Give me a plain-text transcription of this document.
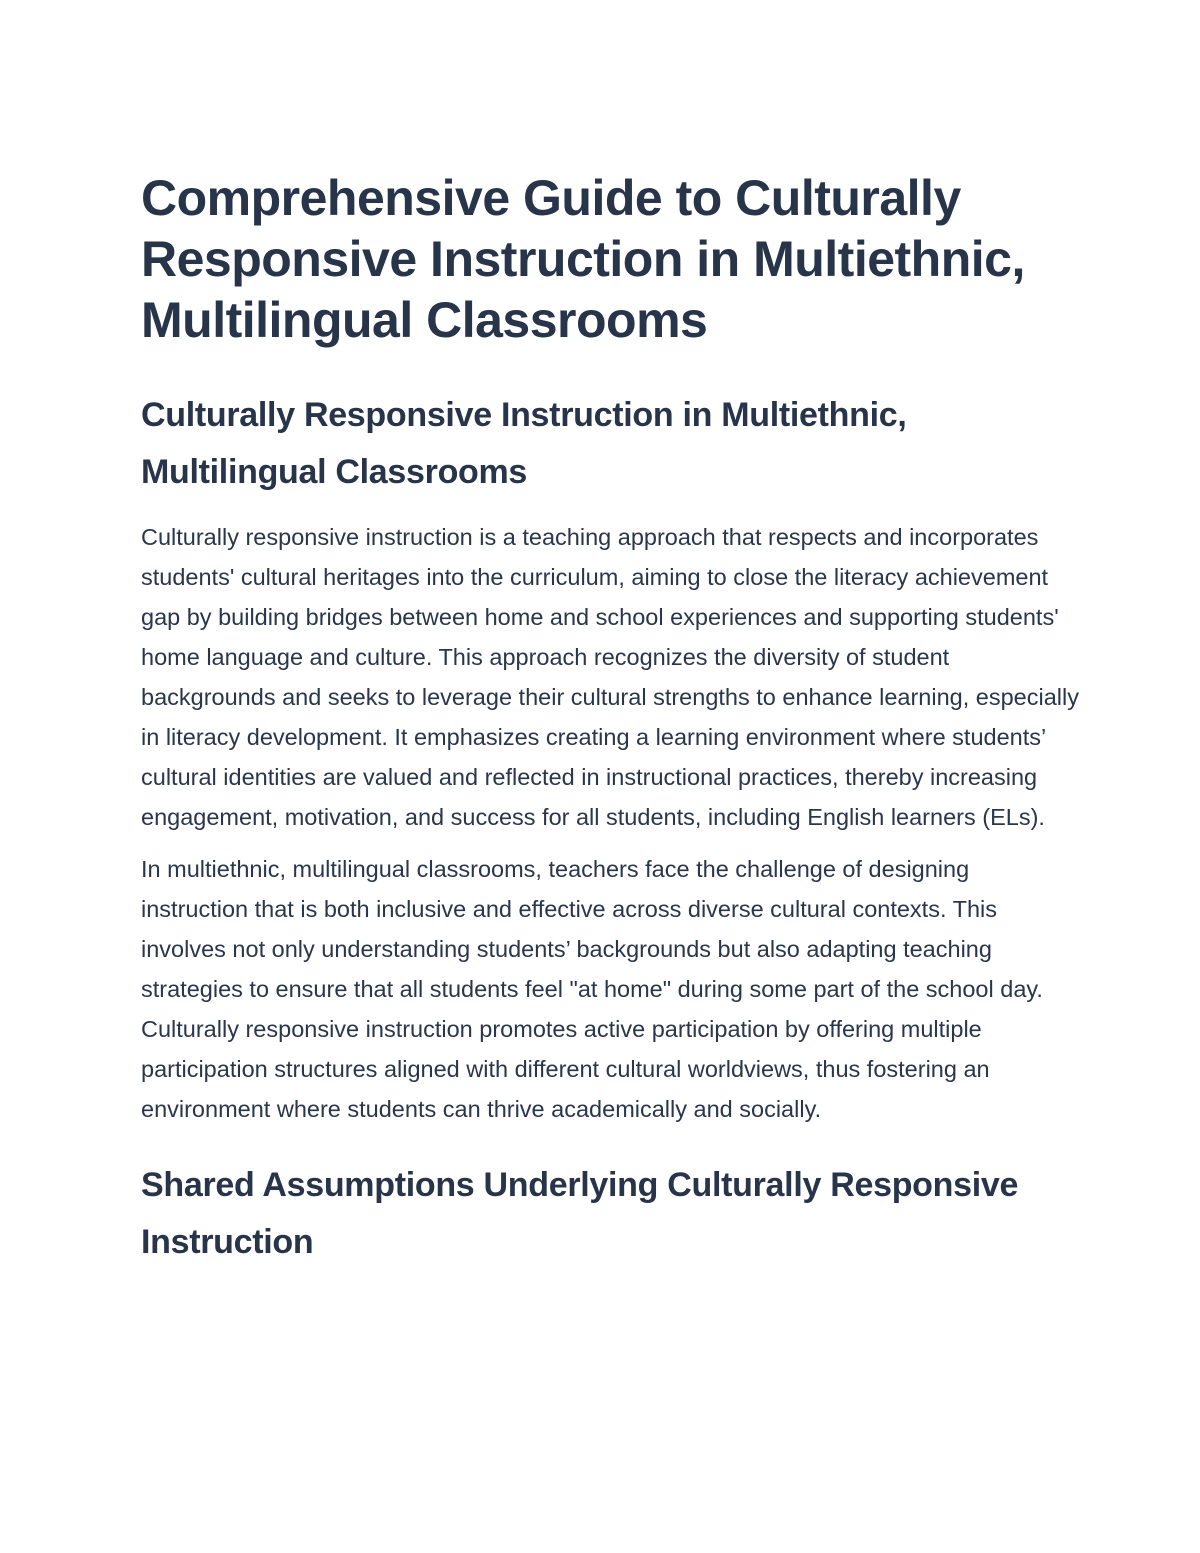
Comprehensive Guide to Culturally Responsive Instruction in Multiethnic, Multilingual Classrooms
Culturally Responsive Instruction in Multiethnic, Multilingual Classrooms

Culturally responsive instruction is a teaching approach that respects and incorporates students' cultural heritages into the curriculum, aiming to close the literacy achievement gap by building bridges between home and school experiences and supporting students' home language and culture. This approach recognizes the diversity of student backgrounds and seeks to leverage their cultural strengths to enhance learning, especially in literacy development. It emphasizes creating a learning environment where students’ cultural identities are valued and reflected in instructional practices, thereby increasing engagement, motivation, and success for all students, including English learners (ELs).

In multiethnic, multilingual classrooms, teachers face the challenge of designing instruction that is both inclusive and effective across diverse cultural contexts. This involves not only understanding students’ backgrounds but also adapting teaching strategies to ensure that all students feel "at home" during some part of the school day. Culturally responsive instruction promotes active participation by offering multiple participation structures aligned with different cultural worldviews, thus fostering an environment where students can thrive academically and socially.

Shared Assumptions Underlying Culturally Responsive Instruction
